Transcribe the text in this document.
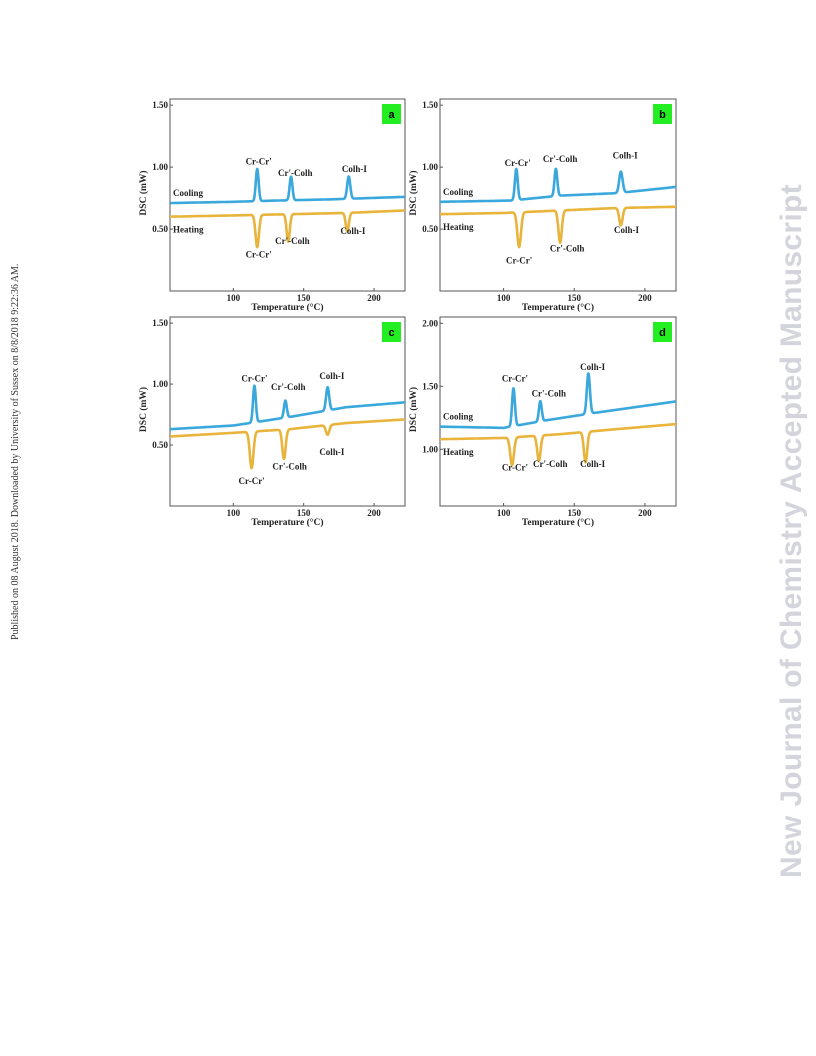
100	150	200
0.50
1.00
1.50
Temperature (°C)
DSC (mW)
a
Cooling
Heating
Cr-Cr'
Cr'-Colh	Colh-I
Cr-Cr'
Cr'-Colh
Colh-I
100	150	200
0.50
1.00
1.50
Temperature (°C)
DSC (mW)
b
Cooling
Heating
Cr-Cr' Cr'-Colh	Colh-I
Cr-Cr'
Cr'-Colh
Colh-I
100	150	200
0.50
1.00
1.50
Temperature (°C)
DSC (mW)
c
Cr-Cr'
Cr'-Colh
Colh-I
Cr-Cr'
Cr'-Colh
Colh-I
100	150	200
1.00
1.50
2.00
Temperature (°C)
DSC (mW)
d
Cooling
Heating
Cr-Cr'
Cr'-Colh
Colh-I
Cr-Cr' Cr'-Colh Colh-I
Published on 08 August 2018. Downloaded by University of Sussex on 8/8/2018 9:22:36 AM.	New Journal of Chemistry Accepted Manuscript
